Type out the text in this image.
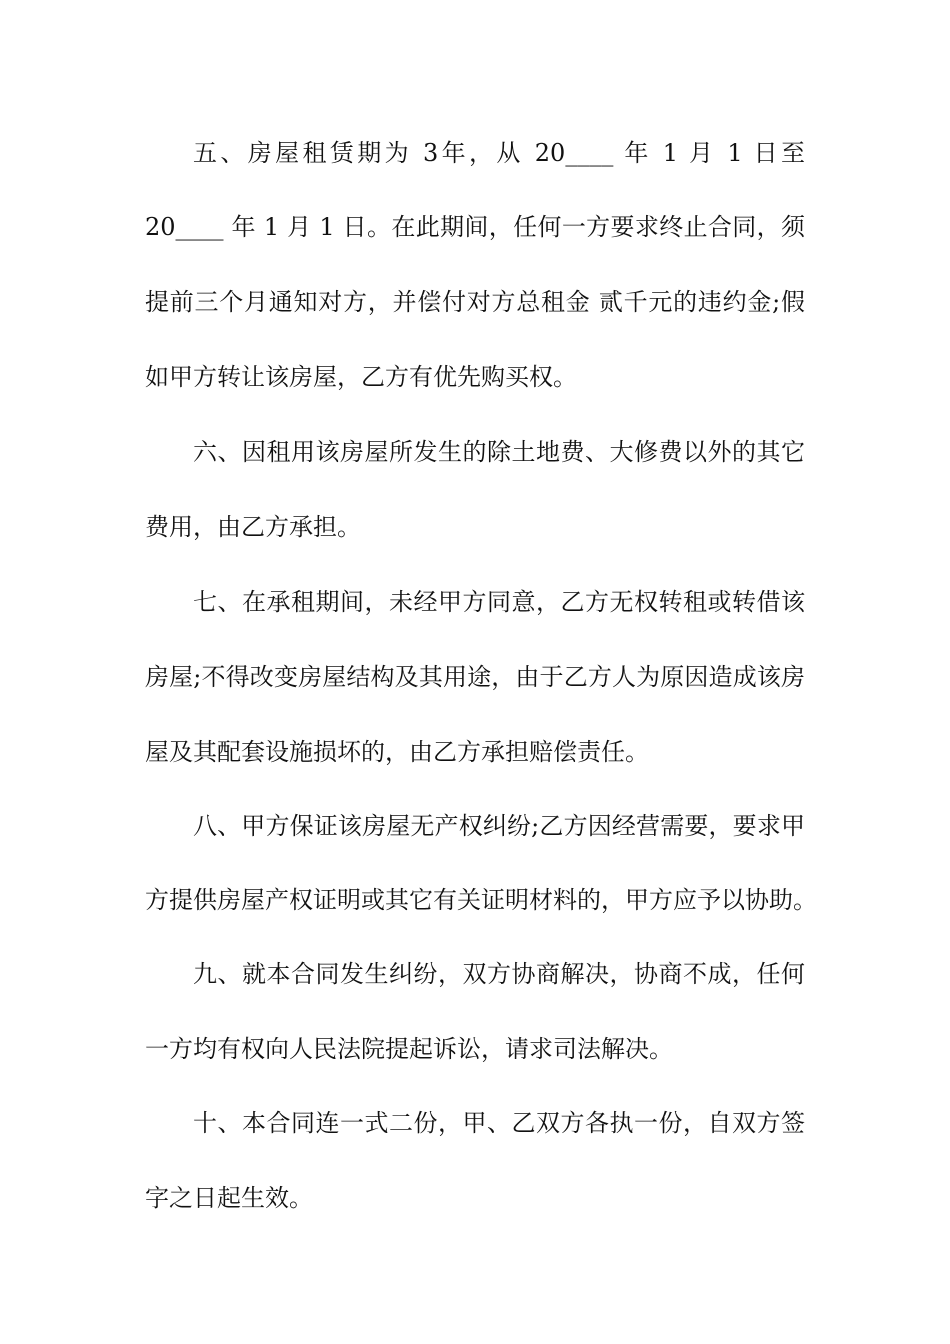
五、房屋租赁期为 3年，从 20____ 年 1 月 1 日至
20____ 年 1 月 1 日。在此期间，任何一方要求终止合同，须
提前三个月通知对方，并偿付对方总租金 贰千元的违约金;假
如甲方转让该房屋，乙方有优先购买权。
六、因租用该房屋所发生的除土地费、大修费以外的其它
费用，由乙方承担。
七、在承租期间，未经甲方同意，乙方无权转租或转借该
房屋;不得改变房屋结构及其用途，由于乙方人为原因造成该房
屋及其配套设施损坏的，由乙方承担赔偿责任。
八、甲方保证该房屋无产权纠纷;乙方因经营需要，要求甲
方提供房屋产权证明或其它有关证明材料的，甲方应予以协助。
九、就本合同发生纠纷，双方协商解决，协商不成，任何
一方均有权向人民法院提起诉讼，请求司法解决。
十、本合同连一式二份，甲、乙双方各执一份，自双方签
字之日起生效。
